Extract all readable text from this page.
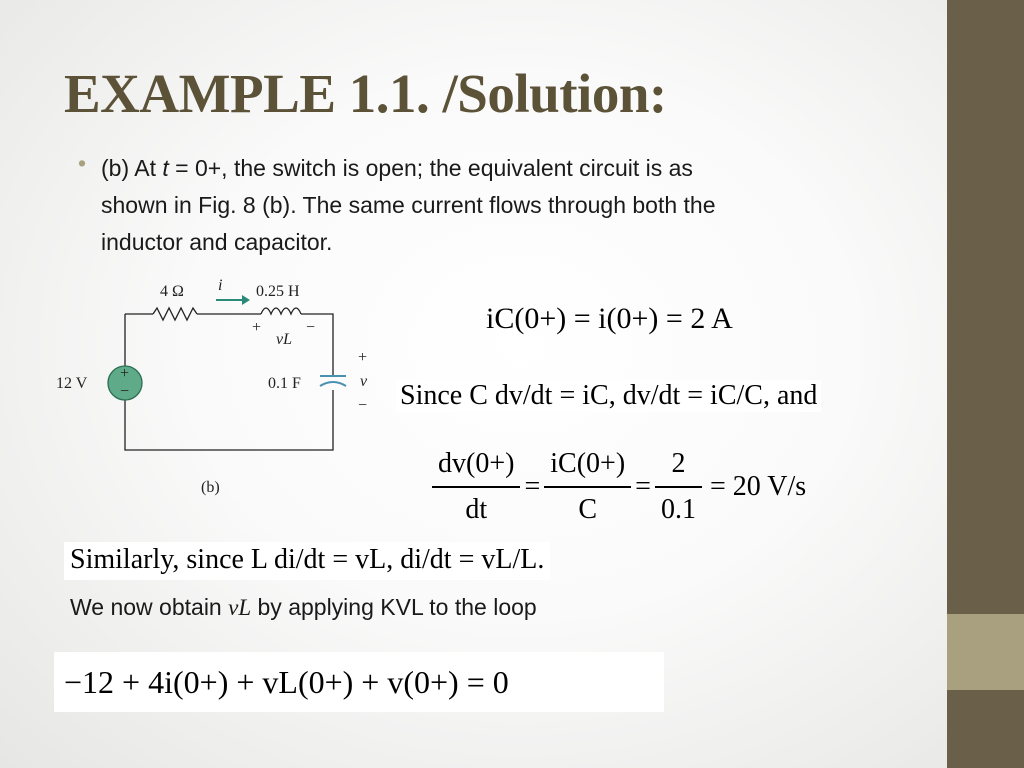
EXAMPLE 1.1. /Solution:
• (b) At t = 0+, the switch is open; the equivalent circuit is as
shown in Fig. 8 (b). The same current flows through both the
inductor and capacitor.
4 Ω i 0.25 H
+
vL
−
12 V
+
−	0.1 F
+
v
−
(b)
iC(0+) = i(0+) = 2 A
Since C dv/dt = iC, dv/dt = iC/C, and
$\frac{dv(0+)}{dt} = \frac{iC(0+)}{C} = \frac{2}{0.1} = 20$ V/s
Similarly, since L di/dt = vL, di/dt = vL/L.
We now obtain vL by applying KVL to the loop
−12 + 4i(0+) + vL(0+) + v(0+) = 0
